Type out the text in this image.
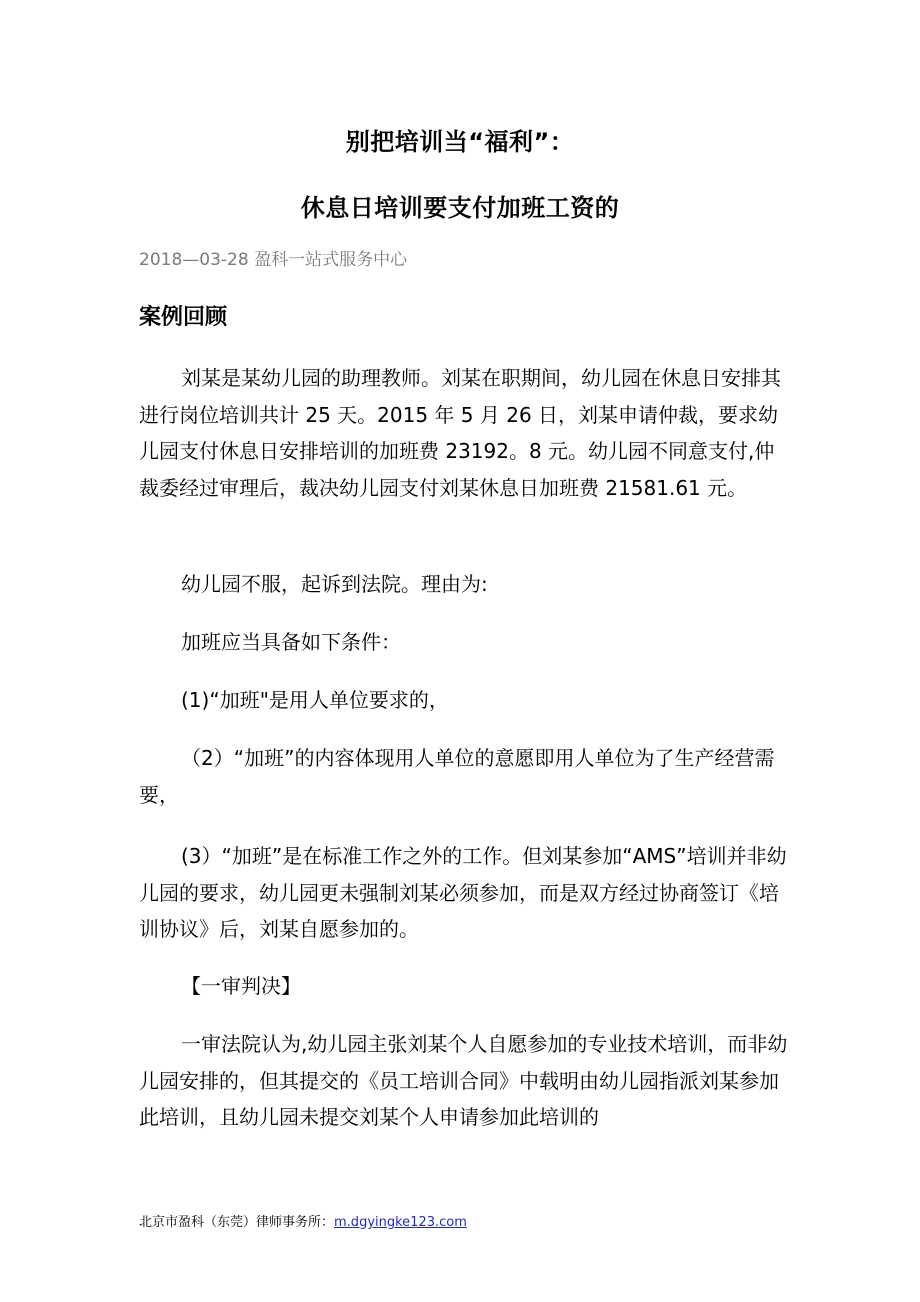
别把培训当“福利”：
休息日培训要支付加班工资的

2018—03-28 盈科一站式服务中心

案例回顾

刘某是某幼儿园的助理教师。刘某在职期间，幼儿园在休息日安排其进行岗位培训共计 25 天。2015 年 5 月 26 日，刘某申请仲裁，要求幼儿园支付休息日安排培训的加班费 23192。8 元。幼儿园不同意支付,仲裁委经过审理后，裁决幼儿园支付刘某休息日加班费 21581.61 元。

幼儿园不服，起诉到法院。理由为:

加班应当具备如下条件：

(1)“加班"是用人单位要求的，

（2）“加班”的内容体现用人单位的意愿即用人单位为了生产经营需要，

(3）“加班”是在标准工作之外的工作。但刘某参加“AMS”培训并非幼儿园的要求，幼儿园更未强制刘某必须参加，而是双方经过协商签订《培训协议》后，刘某自愿参加的。

【一审判决】

一审法院认为,幼儿园主张刘某个人自愿参加的专业技术培训，而非幼儿园安排的，但其提交的《员工培训合同》中载明由幼儿园指派刘某参加此培训，且幼儿园未提交刘某个人申请参加此培训的

北京市盈科（东莞）律师事务所：m.dgyingke123.com
